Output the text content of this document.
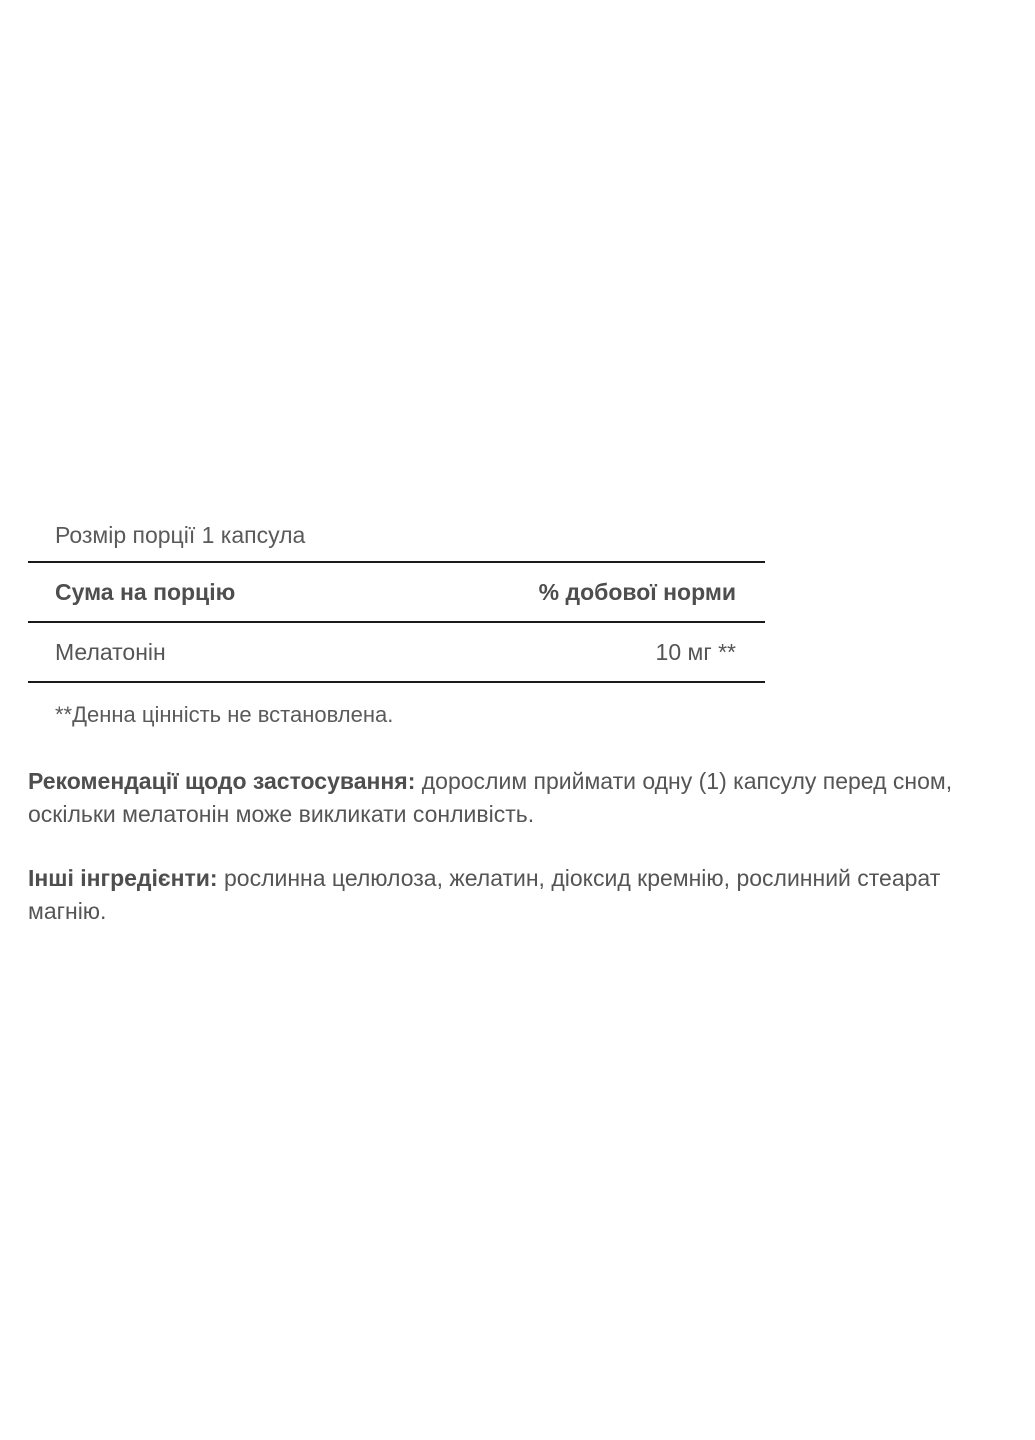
Розмір порції 1 капсула
Сума на порцію	% добової норми
Мелатонін	10 мг **
**Денна цінність не встановлена.

Рекомендації щодо застосування: дорослим приймати одну (1) капсулу перед сном, оскільки мелатонін може викликати сонливість.

Інші інгредієнти: рослинна целюлоза, желатин, діоксид кремнію, рослинний стеарат магнію.
